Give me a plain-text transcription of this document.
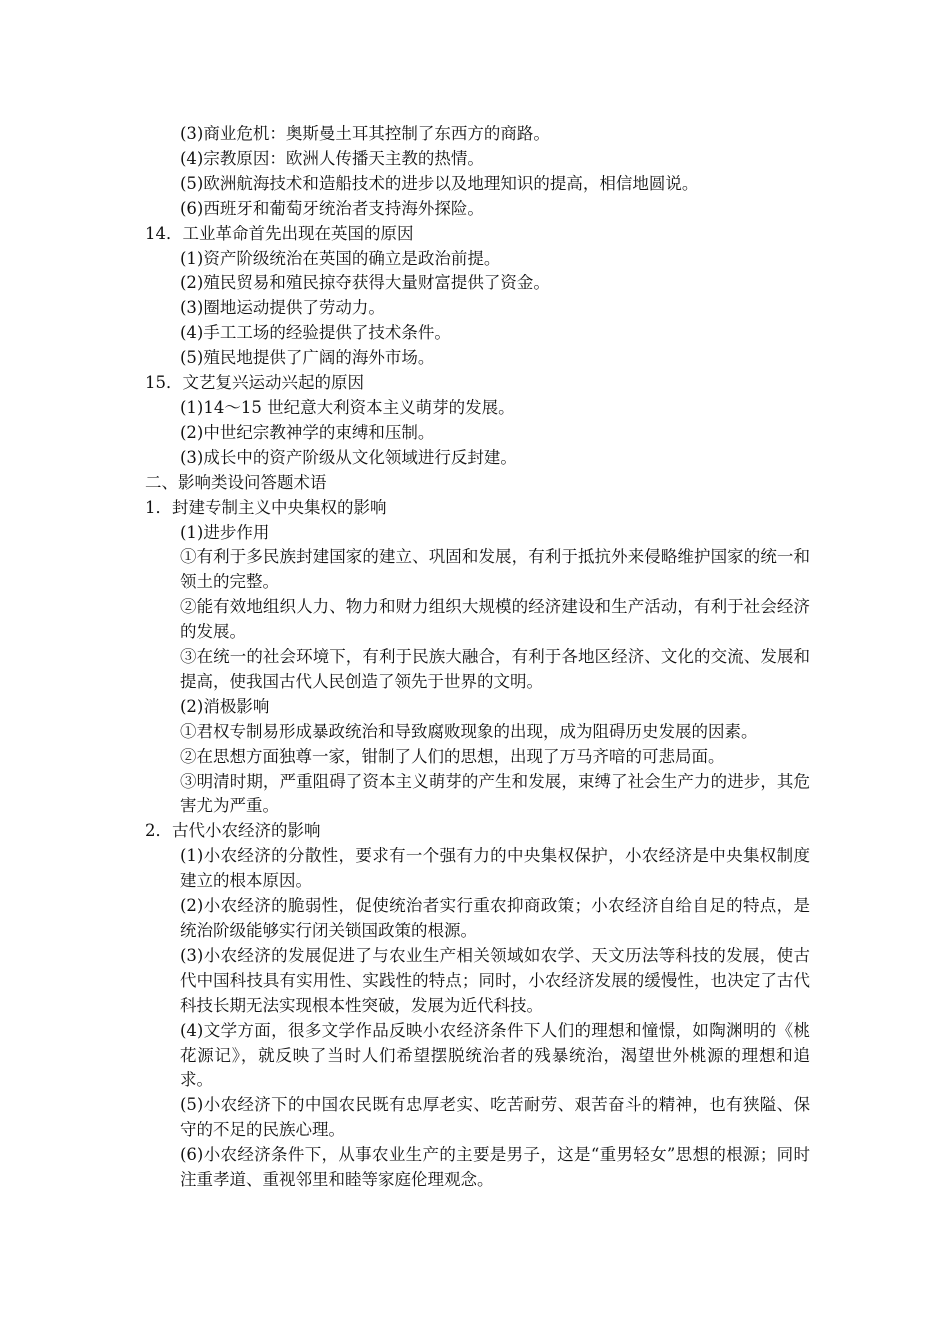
(3)商业危机：奥斯曼土耳其控制了东西方的商路。
(4)宗教原因：欧洲人传播天主教的热情。
(5)欧洲航海技术和造船技术的进步以及地理知识的提高，相信地圆说。
(6)西班牙和葡萄牙统治者支持海外探险。
14．工业革命首先出现在英国的原因
(1)资产阶级统治在英国的确立是政治前提。
(2)殖民贸易和殖民掠夺获得大量财富提供了资金。
(3)圈地运动提供了劳动力。
(4)手工工场的经验提供了技术条件。
(5)殖民地提供了广阔的海外市场。
15．文艺复兴运动兴起的原因
(1)14～15 世纪意大利资本主义萌芽的发展。
(2)中世纪宗教神学的束缚和压制。
(3)成长中的资产阶级从文化领域进行反封建。
二、影响类设问答题术语
1．封建专制主义中央集权的影响
(1)进步作用
①有利于多民族封建国家的建立、巩固和发展，有利于抵抗外来侵略维护国家的统一和领土的完整。
②能有效地组织人力、物力和财力组织大规模的经济建设和生产活动，有利于社会经济的发展。
③在统一的社会环境下，有利于民族大融合，有利于各地区经济、文化的交流、发展和提高，使我国古代人民创造了领先于世界的文明。
(2)消极影响
①君权专制易形成暴政统治和导致腐败现象的出现，成为阻碍历史发展的因素。
②在思想方面独尊一家，钳制了人们的思想，出现了万马齐喑的可悲局面。
③明清时期，严重阻碍了资本主义萌芽的产生和发展，束缚了社会生产力的进步，其危害尤为严重。
2．古代小农经济的影响
(1)小农经济的分散性，要求有一个强有力的中央集权保护，小农经济是中央集权制度建立的根本原因。
(2)小农经济的脆弱性，促使统治者实行重农抑商政策；小农经济自给自足的特点，是统治阶级能够实行闭关锁国政策的根源。
(3)小农经济的发展促进了与农业生产相关领域如农学、天文历法等科技的发展，使古代中国科技具有实用性、实践性的特点；同时，小农经济发展的缓慢性，也决定了古代科技长期无法实现根本性突破，发展为近代科技。
(4)文学方面，很多文学作品反映小农经济条件下人们的理想和憧憬，如陶渊明的《桃花源记》，就反映了当时人们希望摆脱统治者的残暴统治，渴望世外桃源的理想和追求。
(5)小农经济下的中国农民既有忠厚老实、吃苦耐劳、艰苦奋斗的精神，也有狭隘、保守的不足的民族心理。
(6)小农经济条件下，从事农业生产的主要是男子，这是“重男轻女”思想的根源；同时注重孝道、重视邻里和睦等家庭伦理观念。
